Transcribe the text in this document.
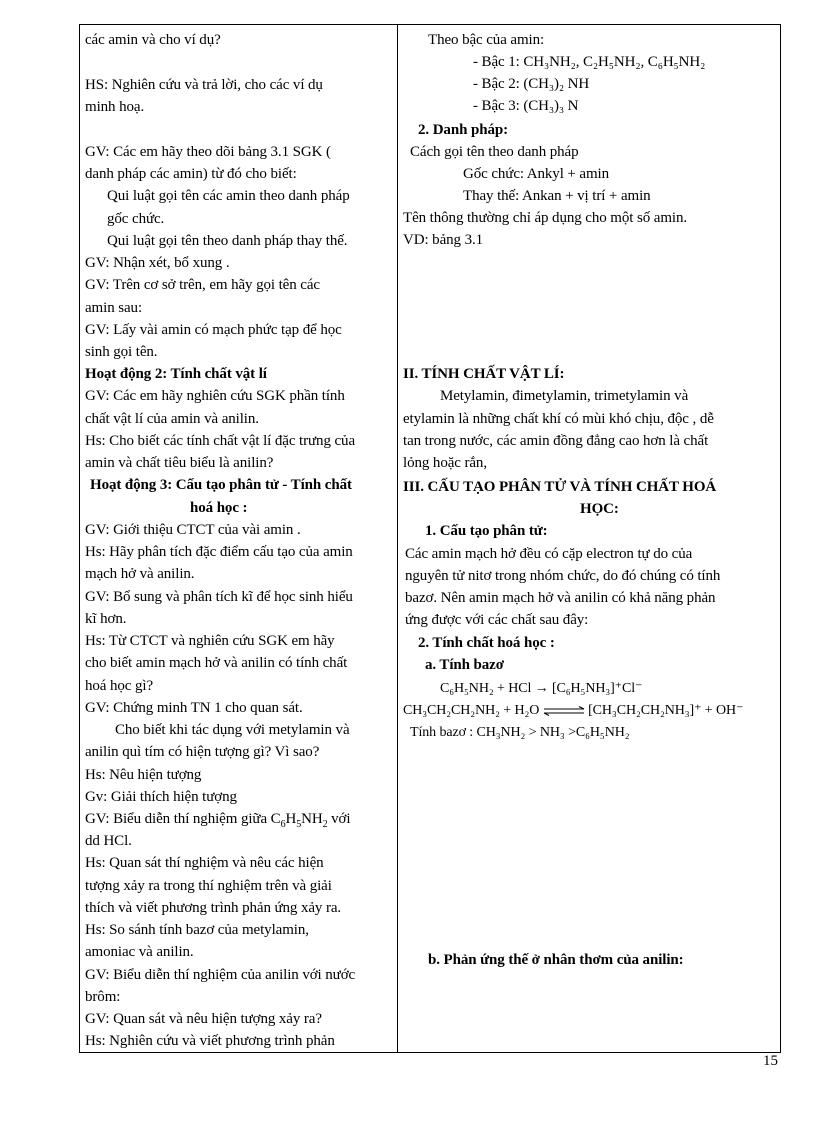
các amin và cho ví dụ?
HS: Nghiên cứu và trả lời, cho các ví dụ
minh hoạ.
GV: Các em hãy theo dõi bảng 3.1 SGK (
danh pháp các amin) từ đó cho biết:
Qui luật gọi tên các amin theo danh pháp
gốc chức.
Qui luật gọi tên theo danh pháp thay thế.
GV: Nhận xét, bổ xung .
GV: Trên cơ sở trên, em hãy gọi tên các
amin sau:
GV: Lấy vài amin có mạch phức tạp để học
sinh gọi tên.
Hoạt động 2: Tính chất vật lí
GV: Các em hãy nghiên cứu SGK phần tính
chất vật lí của amin và anilin.
Hs: Cho biết các tính chất vật lí đặc trưng của
amin và chất tiêu biểu là anilin?
Hoạt động 3: Cấu tạo phân tử - Tính chất
hoá học :
GV: Giới thiệu CTCT của vài amin .
Hs: Hãy phân tích đặc điểm cấu tạo của amin
mạch hở và anilin.
GV: Bổ sung và phân tích kĩ để học sinh hiểu
kĩ hơn.
Hs: Từ CTCT và nghiên cứu SGK em hãy
cho biết amin mạch hở và anilin có tính chất
hoá học gì?
GV: Chứng minh TN 1 cho quan sát.
Cho biết khi tác dụng với metylamin và
anilin quì tím có hiện tượng gì? Vì sao?
Hs: Nêu hiện tượng
Gv: Giải thích hiện tượng
GV: Biểu diễn thí nghiệm giữa $C_6H_5NH_2$ với
dd HCl.
Hs: Quan sát thí nghiệm và nêu các hiện
tượng xảy ra trong thí nghiệm trên và giải
thích và viết phương trình phản ứng xảy ra.
Hs: So sánh tính bazơ của metylamin,
amoniac và anilin.
GV: Biểu diễn thí nghiệm của anilin với nước
brôm:
GV: Quan sát và nêu hiện tượng xảy ra?
Hs: Nghiên cứu và viết phương trình phản
Theo bậc của amin:
- Bậc 1: CH₃NH₂, C₂H₅NH₂, C₆H₅NH₂
- Bậc 2: (CH₃)₂ NH
- Bậc 3: (CH₃)₃ N
2. Danh pháp:
Cách gọi tên theo danh pháp
Gốc chức: Ankyl + amin
Thay thế: Ankan + vị trí + amin
Tên thông thường chỉ áp dụng cho một số amin.
VD: bảng 3.1
II. TÍNH CHẤT VẬT LÍ:
Metylamin, đimetylamin, trimetylamin và
etylamin là những chất khí có mùi khó chịu, độc , dễ
tan trong nước, các amin đồng đẳng cao hơn là chất
lỏng hoặc rắn,
III. CẤU TẠO PHÂN TỬ VÀ TÍNH CHẤT HOÁ
HỌC:
1. Cấu tạo phân tử:
Các amin mạch hở đều có cặp electron tự do của
nguyên tử nitơ trong nhóm chức, do đó chúng có tính
bazơ. Nên amin mạch hở và anilin có khả năng phản
ứng được với các chất sau đây:
2. Tính chất hoá học :
a. Tính bazơ
C₆H₅NH₂ + HCl → [C₆H₅NH₃]⁺Cl⁻
CH₃CH₂CH₂NH₂ + H₂O ⇌ [CH₃CH₂CH₂NH₃]⁺ + OH⁻
Tính bazơ : CH₃NH₂ > NH₃ >C₆H₅NH₂
b. Phản ứng thế ở nhân thơm của anilin:
15
